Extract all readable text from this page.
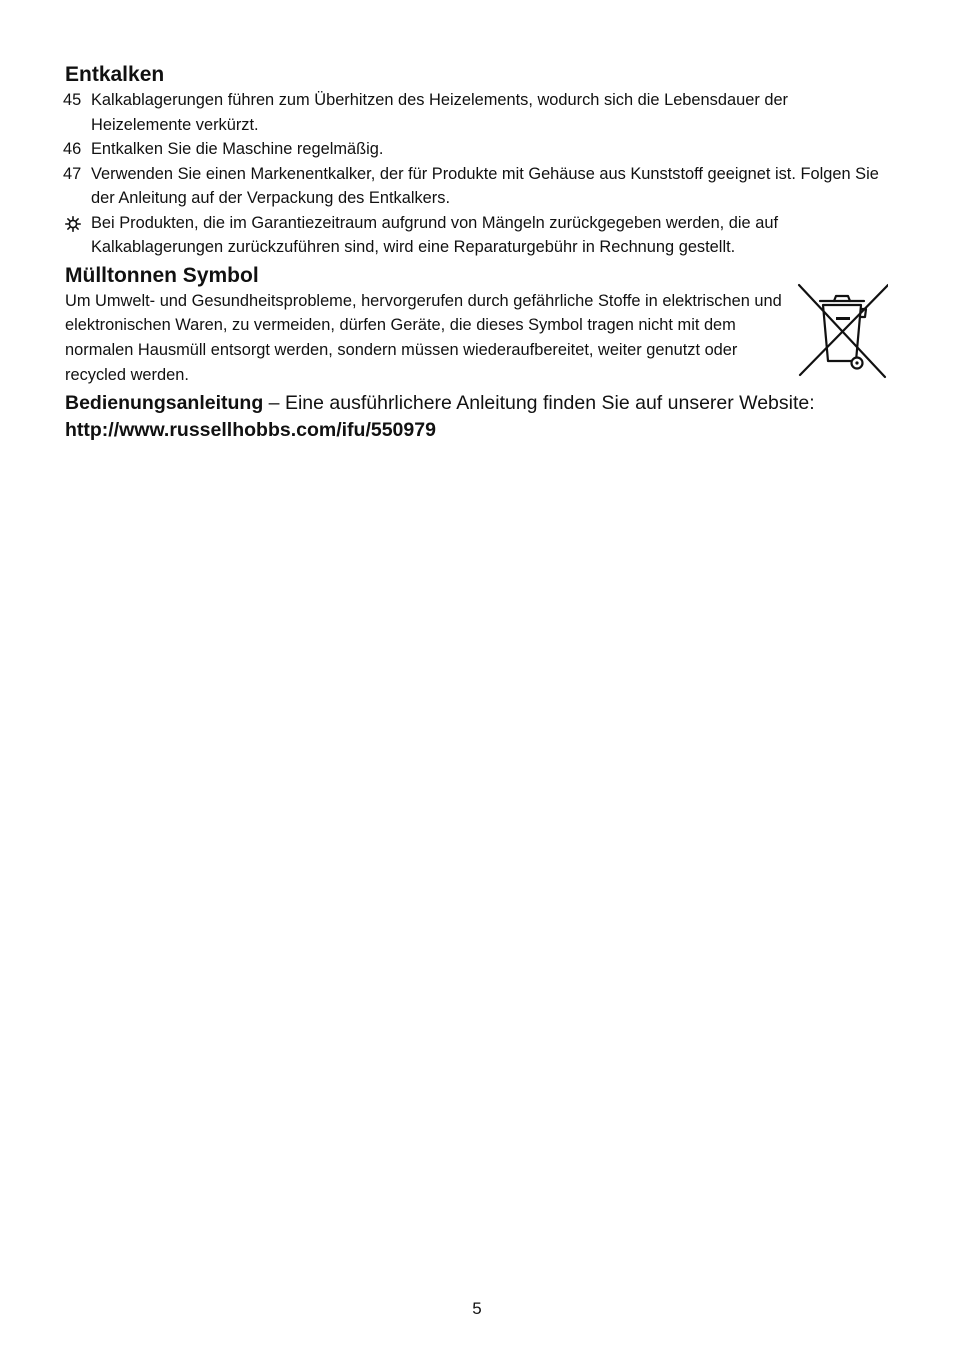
Entkalken
45 Kalkablagerungen führen zum Überhitzen des Heizelements, wodurch sich die Lebensdauer der Heizelemente verkürzt.
46 Entkalken Sie die Maschine regelmäßig.
47 Verwenden Sie einen Markenentkalker, der für Produkte mit Gehäuse aus Kunststoff geeignet ist. Folgen Sie der Anleitung auf der Verpackung des Entkalkers.
Bei Produkten, die im Garantiezeitraum aufgrund von Mängeln zurückgegeben werden, die auf Kalkablagerungen zurückzuführen sind, wird eine Reparaturgebühr in Rechnung gestellt.
Mülltonnen Symbol

Um Umwelt- und Gesundheitsprobleme, hervorgerufen durch gefährliche Stoffe in elektrischen und elektronischen Waren, zu vermeiden, dürfen Geräte, die dieses Symbol tragen nicht mit dem normalen Hausmüll entsorgt werden, sondern müssen wiederaufbereitet, weiter genutzt oder recycled werden.

Bedienungsanleitung – Eine ausführlichere Anleitung finden Sie auf unserer Website:
http://www.russellhobbs.com/ifu/550979
5
